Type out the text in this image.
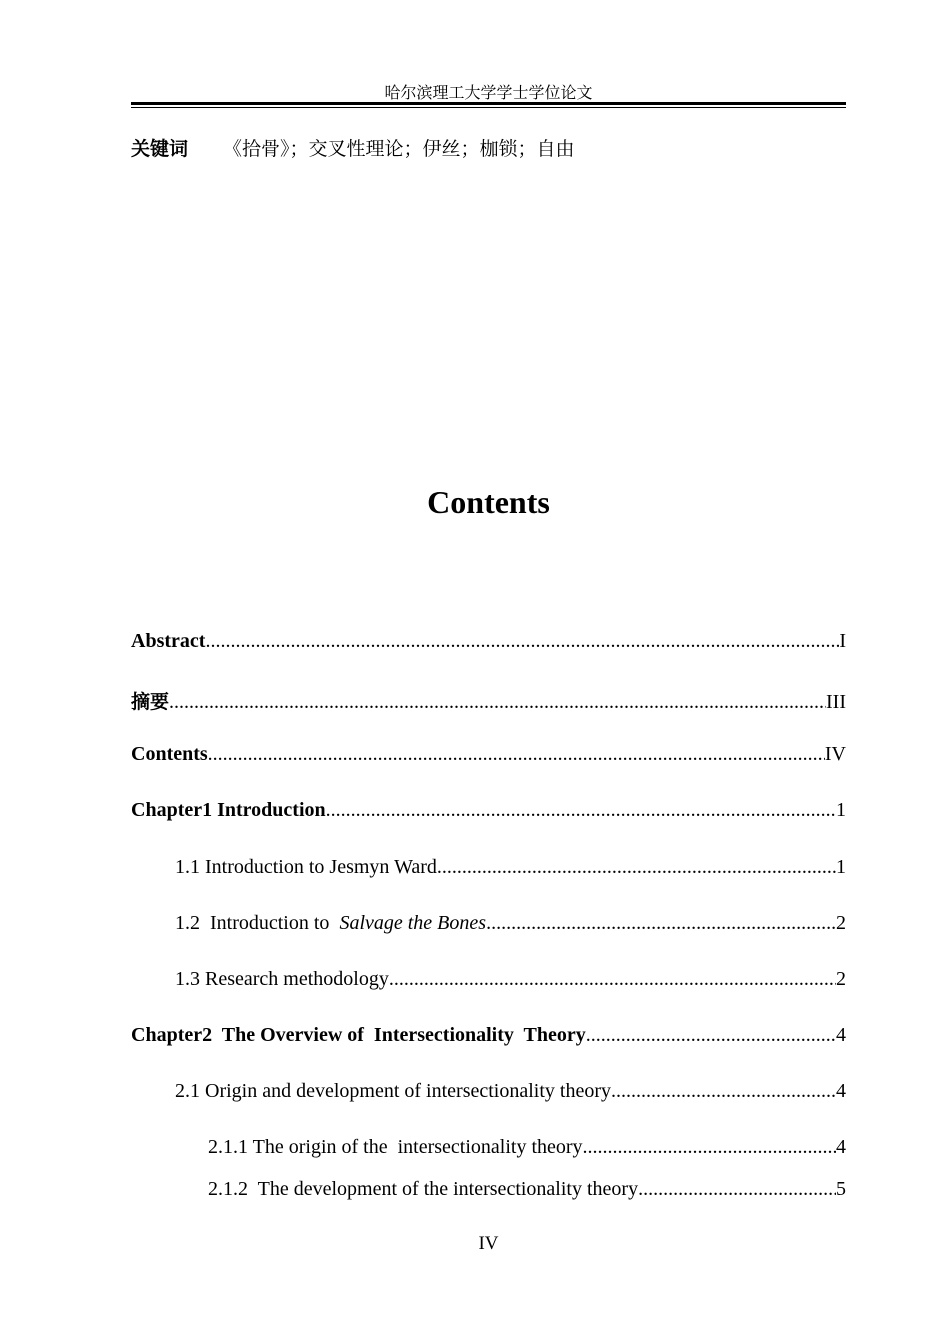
哈尔滨理工大学学士学位论文
关键词 《拾骨》；交叉性理论；伊丝；枷锁；自由
Contents
Abstract .....	I
摘要 .....	III
Contents .....	IV
Chapter1 Introduction .....	1
1.1 Introduction to Jesmyn Ward .....	1
1.2  Introduction to  Salvage the Bones .....	2
1.3 Research methodology .....	2
Chapter2  The Overview of  Intersectionality  Theory .....	4
2.1 Origin and development of intersectionality theory .....	4
2.1.1 The origin of the  intersectionality theory .....	4
2.1.2  The development of the intersectionality theory .....	5
IV
